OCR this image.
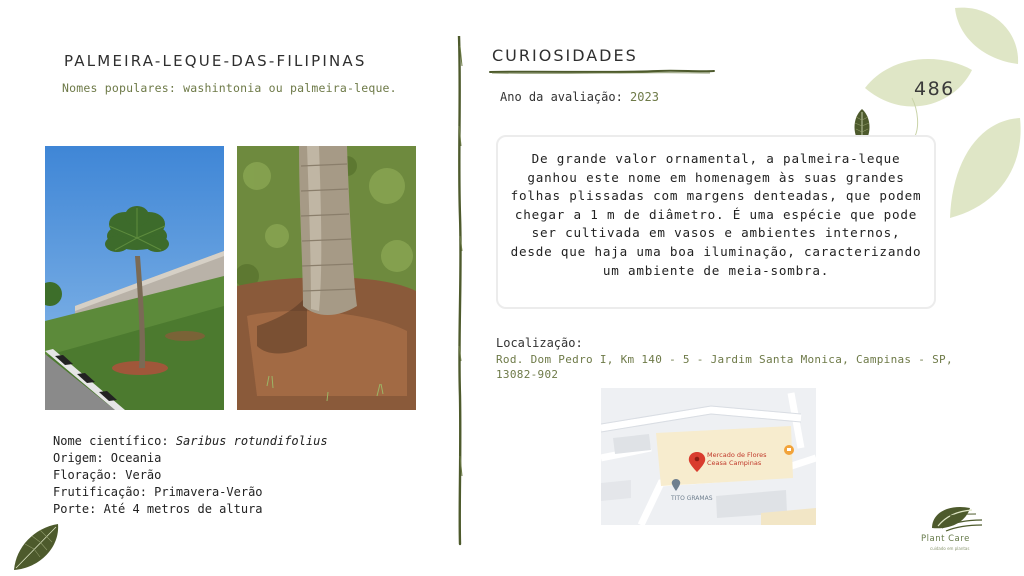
PALMEIRA-LEQUE-DAS-FILIPINAS
Nomes populares: washintonia ou palmeira-leque.
Nome científico: Saribus rotundifolius
Origem: Oceania
Floração: Verão
Frutificação: Primavera-Verão
Porte: Até 4 metros de altura
CURIOSIDADES
Ano da avaliação: 2023	486
De grande valor ornamental, a palmeira-leque ganhou este nome em homenagem às suas grandes folhas plissadas com margens denteadas, que podem chegar a 1 m de diâmetro. É uma espécie que pode ser cultivada em vasos e ambientes internos, desde que haja uma boa iluminação, caracterizando um ambiente de meia-sombra.
Localização:
Rod. Dom Pedro I, Km 140 - 5 - Jardim Santa Monica, Campinas - SP, 13082-902
Mercado de Flores
Ceasa Campinas
TITO GRAMAS
Plant Care
cuidado em plantas
